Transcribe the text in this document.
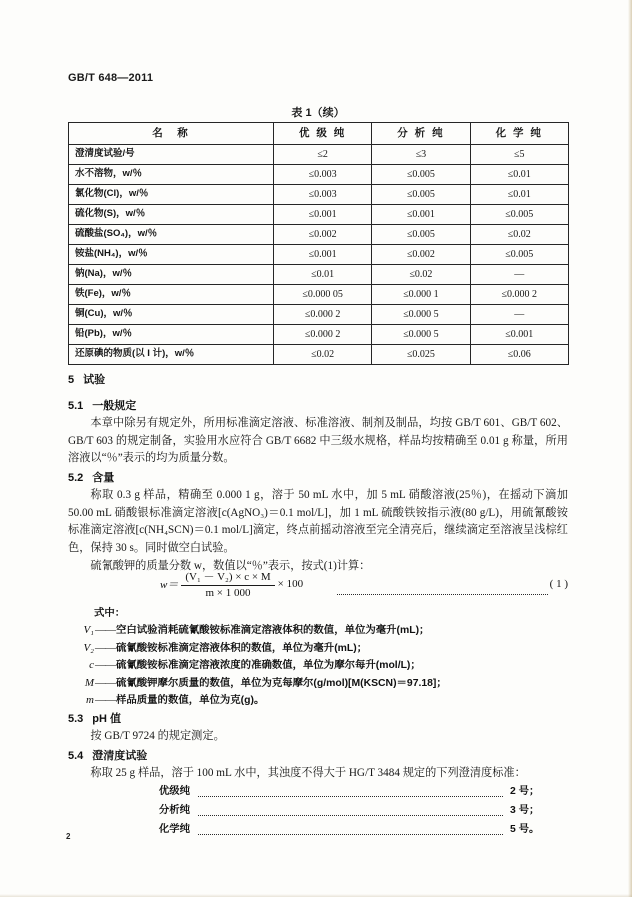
GB/T 648—2011
表 1（续）
名　称	优 级 纯	分 析 纯	化 学 纯
澄清度试验/号	≤2	≤3	≤5
水不溶物，w/％	≤0.003	≤0.005	≤0.01
氯化物(Cl)，w/％	≤0.003	≤0.005	≤0.01
硫化物(S)，w/％	≤0.001	≤0.001	≤0.005
硫酸盐(SO₄)，w/％	≤0.002	≤0.005	≤0.02
铵盐(NH₄)，w/％	≤0.001	≤0.002	≤0.005
钠(Na)，w/％	≤0.01	≤0.02	—
铁(Fe)，w/％	≤0.000 05	≤0.000 1	≤0.000 2
铜(Cu)，w/％	≤0.000 2	≤0.000 5	—
铅(Pb)，w/％	≤0.000 2	≤0.000 5	≤0.001
还原碘的物质(以 I 计)，w/％	≤0.02	≤0.025	≤0.06
5 试验
5.1 一般规定
本章中除另有规定外，所用标准滴定溶液、标准溶液、制剂及制品，均按 GB/T 601、GB/T 602、GB/T 603 的规定制备，实验用水应符合 GB/T 6682 中三级水规格，样品均按精确至 0.01 g 称量，所用溶液以“％”表示的均为质量分数。
5.2 含量
称取 0.3 g 样品，精确至 0.000 1 g，溶于 50 mL 水中，加 5 mL 硝酸溶液(25％)，在摇动下滴加 50.00 mL 硝酸银标准滴定溶液[c(AgNO₃)＝0.1 mol/L]，加 1 mL 硫酸铁铵指示液(80 g/L)，用硫氰酸铵标准滴定溶液[c(NH₄SCN)＝0.1 mol/L]滴定，终点前摇动溶液至完全清亮后，继续滴定至溶液呈浅棕红色，保持 30 s。同时做空白试验。
硫氰酸钾的质量分数 w，数值以“％”表示，按式(1)计算：
$w= \frac{\text{(V₁ － V₂) × c × M}}{m \times 1 000} \times 100$	( 1 )
式中：
V₁ —— 空白试验消耗硫氰酸铵标准滴定溶液体积的数值，单位为毫升(mL)；
V₂ —— 硫氰酸铵标准滴定溶液体积的数值，单位为毫升(mL)；
c —— 硫氰酸铵标准滴定溶液浓度的准确数值，单位为摩尔每升(mol/L)；
M —— 硫氰酸钾摩尔质量的数值，单位为克每摩尔(g/mol)[M(KSCN)＝97.18]；
m —— 样品质量的数值，单位为克(g)。
5.3 pH 值
按 GB/T 9724 的规定测定。
5.4 澄清度试验
称取 25 g 样品，溶于 100 mL 水中，其浊度不得大于 HG/T 3484 规定的下列澄清度标准：
优级纯	2 号；
分析纯	3 号；
化学纯	5 号。
2
